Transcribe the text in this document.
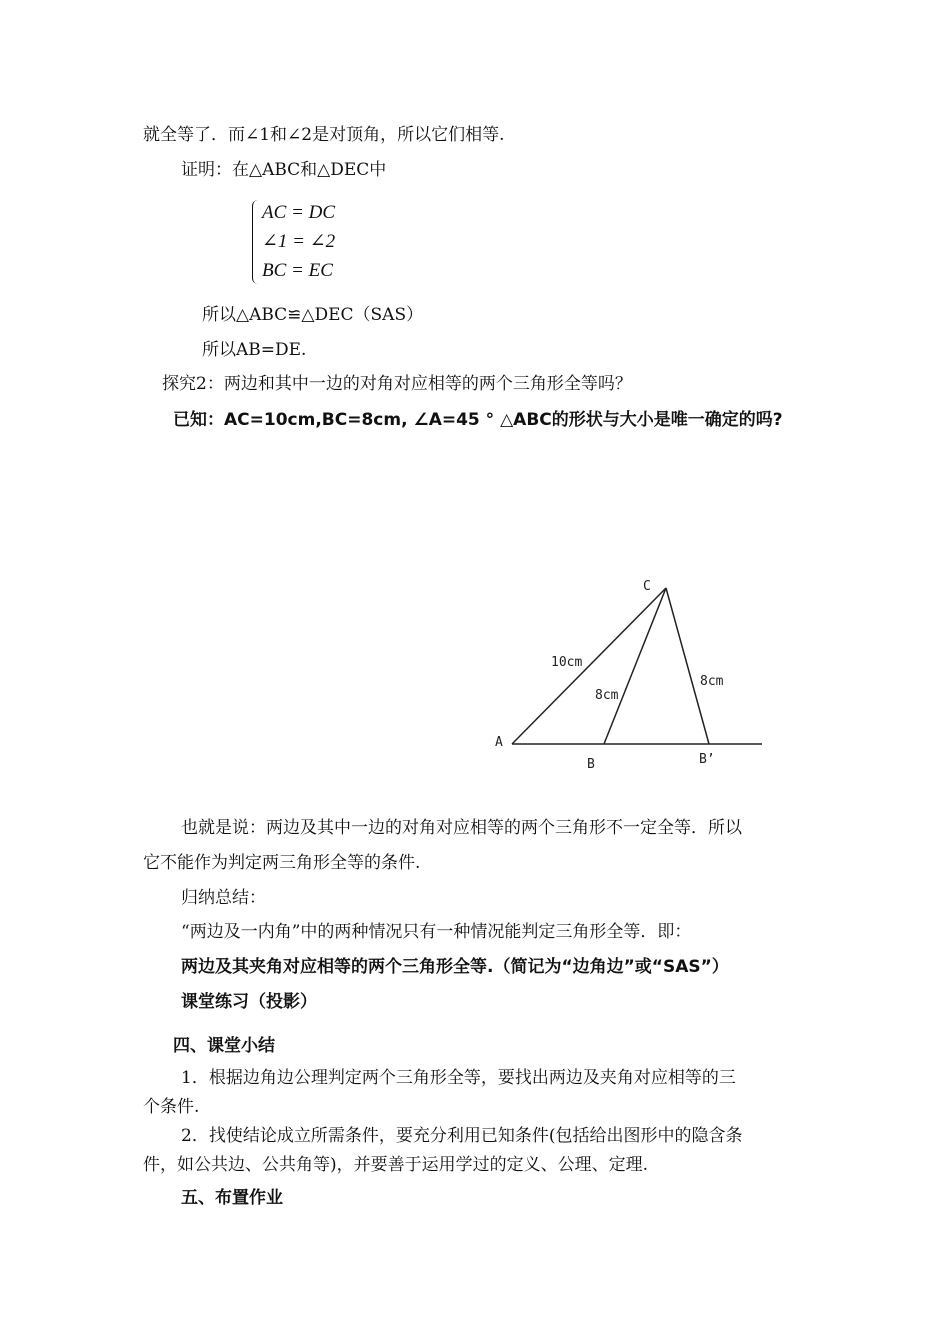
就全等了．而∠1和∠2是对顶角，所以它们相等.
证明：在△ABC和△DEC中
AC = DC
∠1 = ∠2
BC = EC
所以△ABC≌△DEC（SAS）
所以AB=DE.
探究2：两边和其中一边的对角对应相等的两个三角形全等吗？
已知：AC=10cm,BC=8cm, ∠A=45 ° △ABC的形状与大小是唯一确定的吗?
C
10cm
8cm
8cm
A
B	B’
也就是说：两边及其中一边的对角对应相等的两个三角形不一定全等．所以
它不能作为判定两三角形全等的条件.
归纳总结：
“两边及一内角”中的两种情况只有一种情况能判定三角形全等．即：
两边及其夹角对应相等的两个三角形全等.（简记为“边角边”或“SAS”）
课堂练习（投影）
四、课堂小结
1．根据边角边公理判定两个三角形全等，要找出两边及夹角对应相等的三
个条件.
2．找使结论成立所需条件，要充分利用已知条件(包括给出图形中的隐含条
件，如公共边、公共角等)，并要善于运用学过的定义、公理、定理.
五、布置作业
